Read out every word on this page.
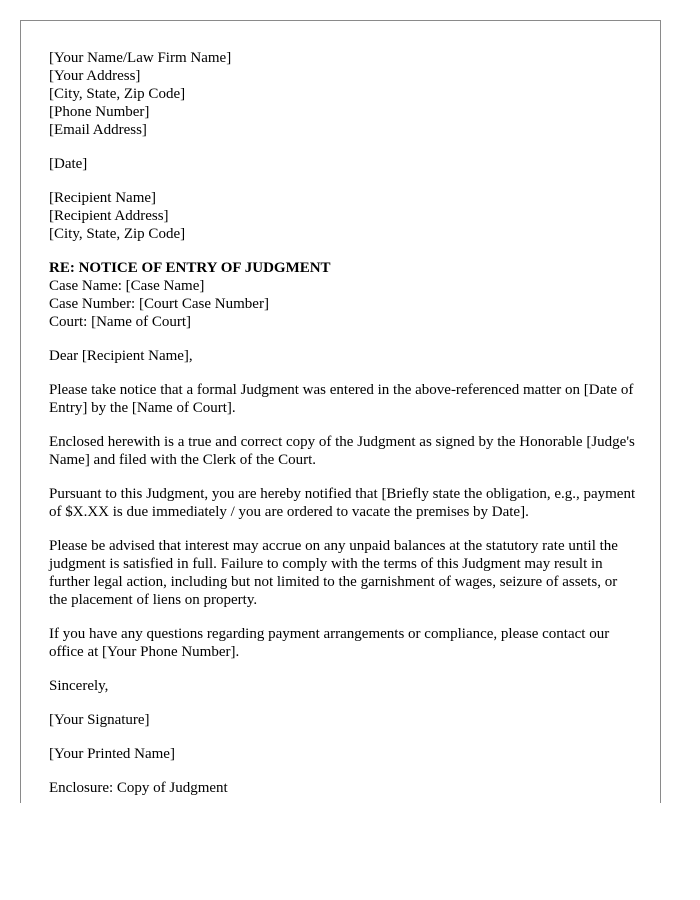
[Your Name/Law Firm Name]
[Your Address]
[City, State, Zip Code]
[Phone Number]
[Email Address]
[Date]
[Recipient Name]
[Recipient Address]
[City, State, Zip Code]
RE: NOTICE OF ENTRY OF JUDGMENT
Case Name: [Case Name]
Case Number: [Court Case Number]
Court: [Name of Court]
Dear [Recipient Name],

Please take notice that a formal Judgment was entered in the above-referenced matter on [Date of Entry] by the [Name of Court].

Enclosed herewith is a true and correct copy of the Judgment as signed by the Honorable [Judge's Name] and filed with the Clerk of the Court.

Pursuant to this Judgment, you are hereby notified that [Briefly state the obligation, e.g., payment of $X.XX is due immediately / you are ordered to vacate the premises by Date].

Please be advised that interest may accrue on any unpaid balances at the statutory rate until the judgment is satisfied in full. Failure to comply with the terms of this Judgment may result in further legal action, including but not limited to the garnishment of wages, seizure of assets, or the placement of liens on property.

If you have any questions regarding payment arrangements or compliance, please contact our office at [Your Phone Number].

Sincerely,
[Your Signature]
[Your Printed Name]
Enclosure: Copy of Judgment
